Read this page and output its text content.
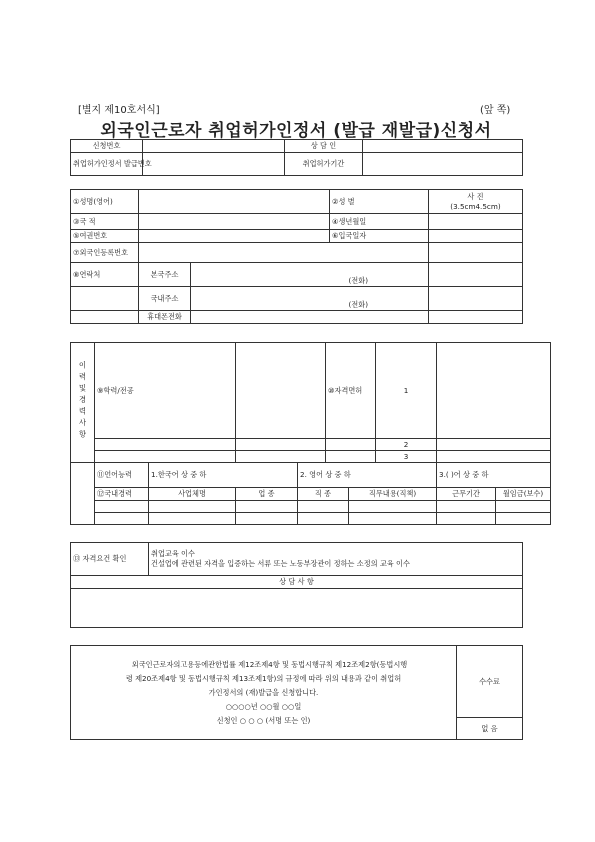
[별지 제10호서식]	(앞 쪽)
외국인근로자 취업허가인정서 (발급 재발급)신청서
신청번호		상 담 인	
취업허가인정서 발급번호		취업허가기간	
①성명(영어)			②성 별	사 진
(3.5cm4.5cm)
③국 적			④생년월일	
⑤여권번호			⑥입국일자	
⑦외국인등록번호				
⑧연락처	본국주소	(전화)		
	국내주소	(전화)		
	휴대폰전화			
이력및경력사항	⑨학력/전공				⑩자격면허		1		
							2		
							3		
	⑪언어능력	1.한국어 상 중 하		2. 영어 상 중 하				3.( )어 상 중 하	
	⑫국내경력	사업체명	업 종	직 종		직무내용(직책)		근무기간	월임금(보수)

⑬ 자격요건 확인	
취업교육 이수
건설업에 관련된 자격을 입증하는 서류 또는 노동부장관이 정하는 소정의 교육 이수

상 담 사 항

외국인근로자의고용등에관한법률 제12조제4항 및 동법시행규칙 제12조제2항(동법시행

령 제20조제4항 및 동법시행규칙 제13조제1항)의 규정에 따라 위의 내용과 같이 취업허

가인정서의 (재)발급을 신청합니다.

○○○○년 ○○월 ○○일

신청인 ○ ○ ○ (서명 또는 인)

	수수료
없 음
